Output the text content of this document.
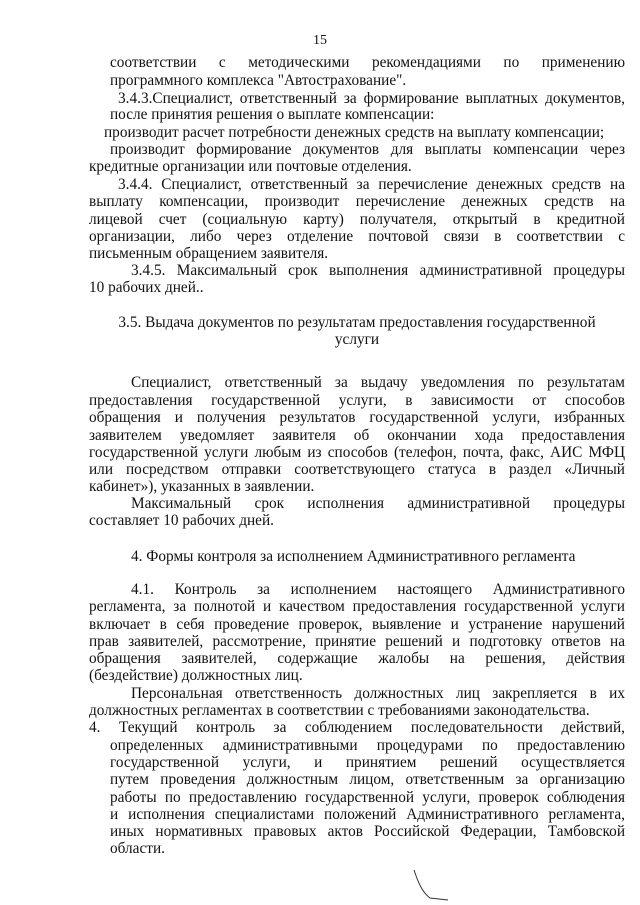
15
соответствии с методическими рекомендациями по применению
программного комплекса "Автострахование".
3.4.3.Специалист, ответственный за формирование выплатных документов,
после принятия решения о выплате компенсации:
производит расчет потребности денежных средств на выплату компенсации;
производит формирование документов для выплаты компенсации через
кредитные организации или почтовые отделения.
3.4.4. Специалист, ответственный за перечисление денежных средств на
выплату компенсации, производит перечисление денежных средств на
лицевой счет (социальную карту) получателя, открытый в кредитной
организации, либо через отделение почтовой связи в соответствии с
письменным обращением заявителя.
3.4.5. Максимальный срок выполнения административной процедуры
10 рабочих дней..
3.5. Выдача документов по результатам предоставления государственной
услуги
Специалист, ответственный за выдачу уведомления по результатам
предоставления государственной услуги, в зависимости от способов
обращения и получения результатов государственной услуги, избранных
заявителем уведомляет заявителя об окончании хода предоставления
государственной услуги любым из способов (телефон, почта, факс, АИС МФЦ
или посредством отправки соответствующего статуса в раздел «Личный
кабинет»), указанных в заявлении.
Максимальный срок исполнения административной процедуры
составляет 10 рабочих дней.
4. Формы контроля за исполнением Административного регламента
4.1. Контроль за исполнением настоящего Административного
регламента, за полнотой и качеством предоставления государственной услуги
включает в себя проведение проверок, выявление и устранение нарушений
прав заявителей, рассмотрение, принятие решений и подготовку ответов на
обращения заявителей, содержащие жалобы на решения, действия
(бездействие) должностных лиц.
Персональная ответственность должностных лиц закрепляется в их
должностных регламентах в соответствии с требованиями законодательства.
4. Текущий контроль за соблюдением последовательности действий,
определенных административными процедурами по предоставлению
государственной услуги, и принятием решений осуществляется
путем проведения должностным лицом, ответственным за организацию
работы по предоставлению государственной услуги, проверок соблюдения
и исполнения специалистами положений Административного регламента,
иных нормативных правовых актов Российской Федерации, Тамбовской
области.
